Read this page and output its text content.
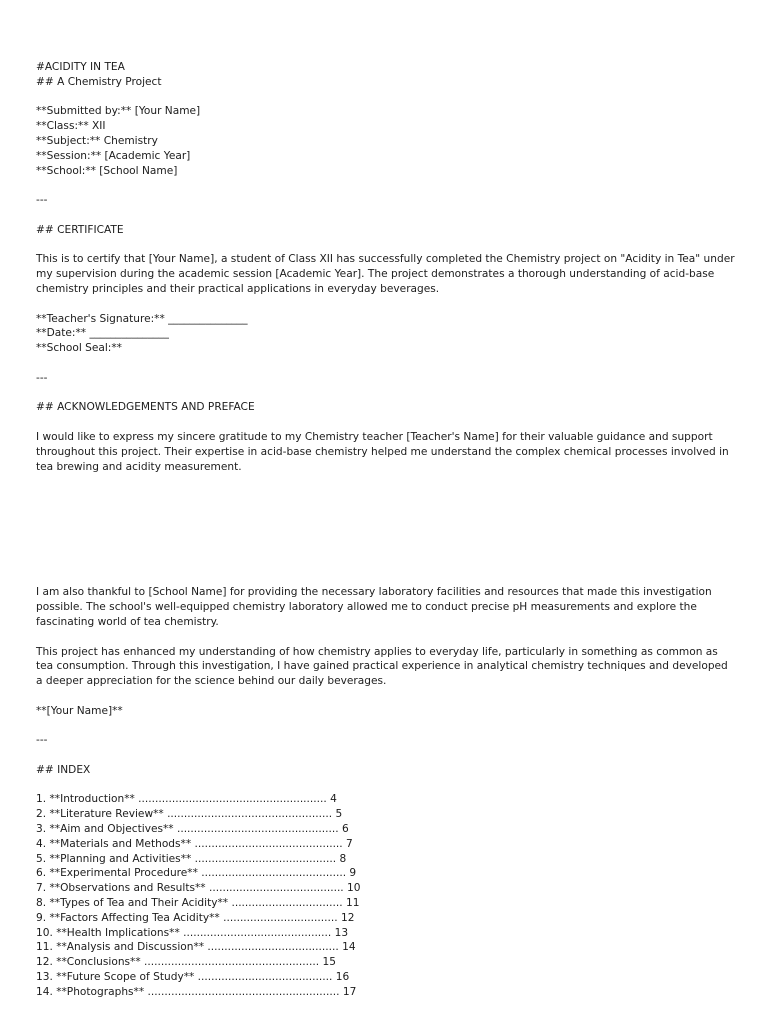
#ACIDITY IN TEA
## A Chemistry Project
**Submitted by:** [Your Name]
**Class:** XII
**Subject:** Chemistry
**Session:** [Academic Year]
**School:** [School Name]
---
## CERTIFICATE
This is to certify that [Your Name], a student of Class XII has successfully completed the Chemistry project on "Acidity in Tea" under my supervision during the academic session [Academic Year]. The project demonstrates a thorough understanding of acid-base chemistry principles and their practical applications in everyday beverages.
**Teacher's Signature:** _______________
**Date:** _______________
**School Seal:**
---
## ACKNOWLEDGEMENTS AND PREFACE
I would like to express my sincere gratitude to my Chemistry teacher [Teacher's Name] for their valuable guidance and support throughout this project. Their expertise in acid-base chemistry helped me understand the complex chemical processes involved in tea brewing and acidity measurement.
I am also thankful to [School Name] for providing the necessary laboratory facilities and resources that made this investigation possible. The school's well-equipped chemistry laboratory allowed me to conduct precise pH measurements and explore the fascinating world of tea chemistry.
This project has enhanced my understanding of how chemistry applies to everyday life, particularly in something as common as tea consumption. Through this investigation, I have gained practical experience in analytical chemistry techniques and developed a deeper appreciation for the science behind our daily beverages.
**[Your Name]**
---
## INDEX
1. **Introduction** ........................................................ 4
2. **Literature Review** ................................................. 5
3. **Aim and Objectives** ................................................ 6
4. **Materials and Methods** ............................................ 7
5. **Planning and Activities** .......................................... 8
6. **Experimental Procedure** ........................................... 9
7. **Observations and Results** ........................................ 10
8. **Types of Tea and Their Acidity** ................................. 11
9. **Factors Affecting Tea Acidity** .................................. 12
10. **Health Implications** ............................................ 13
11. **Analysis and Discussion** ....................................... 14
12. **Conclusions** .................................................... 15
13. **Future Scope of Study** ........................................ 16
14. **Photographs** ......................................................... 17
